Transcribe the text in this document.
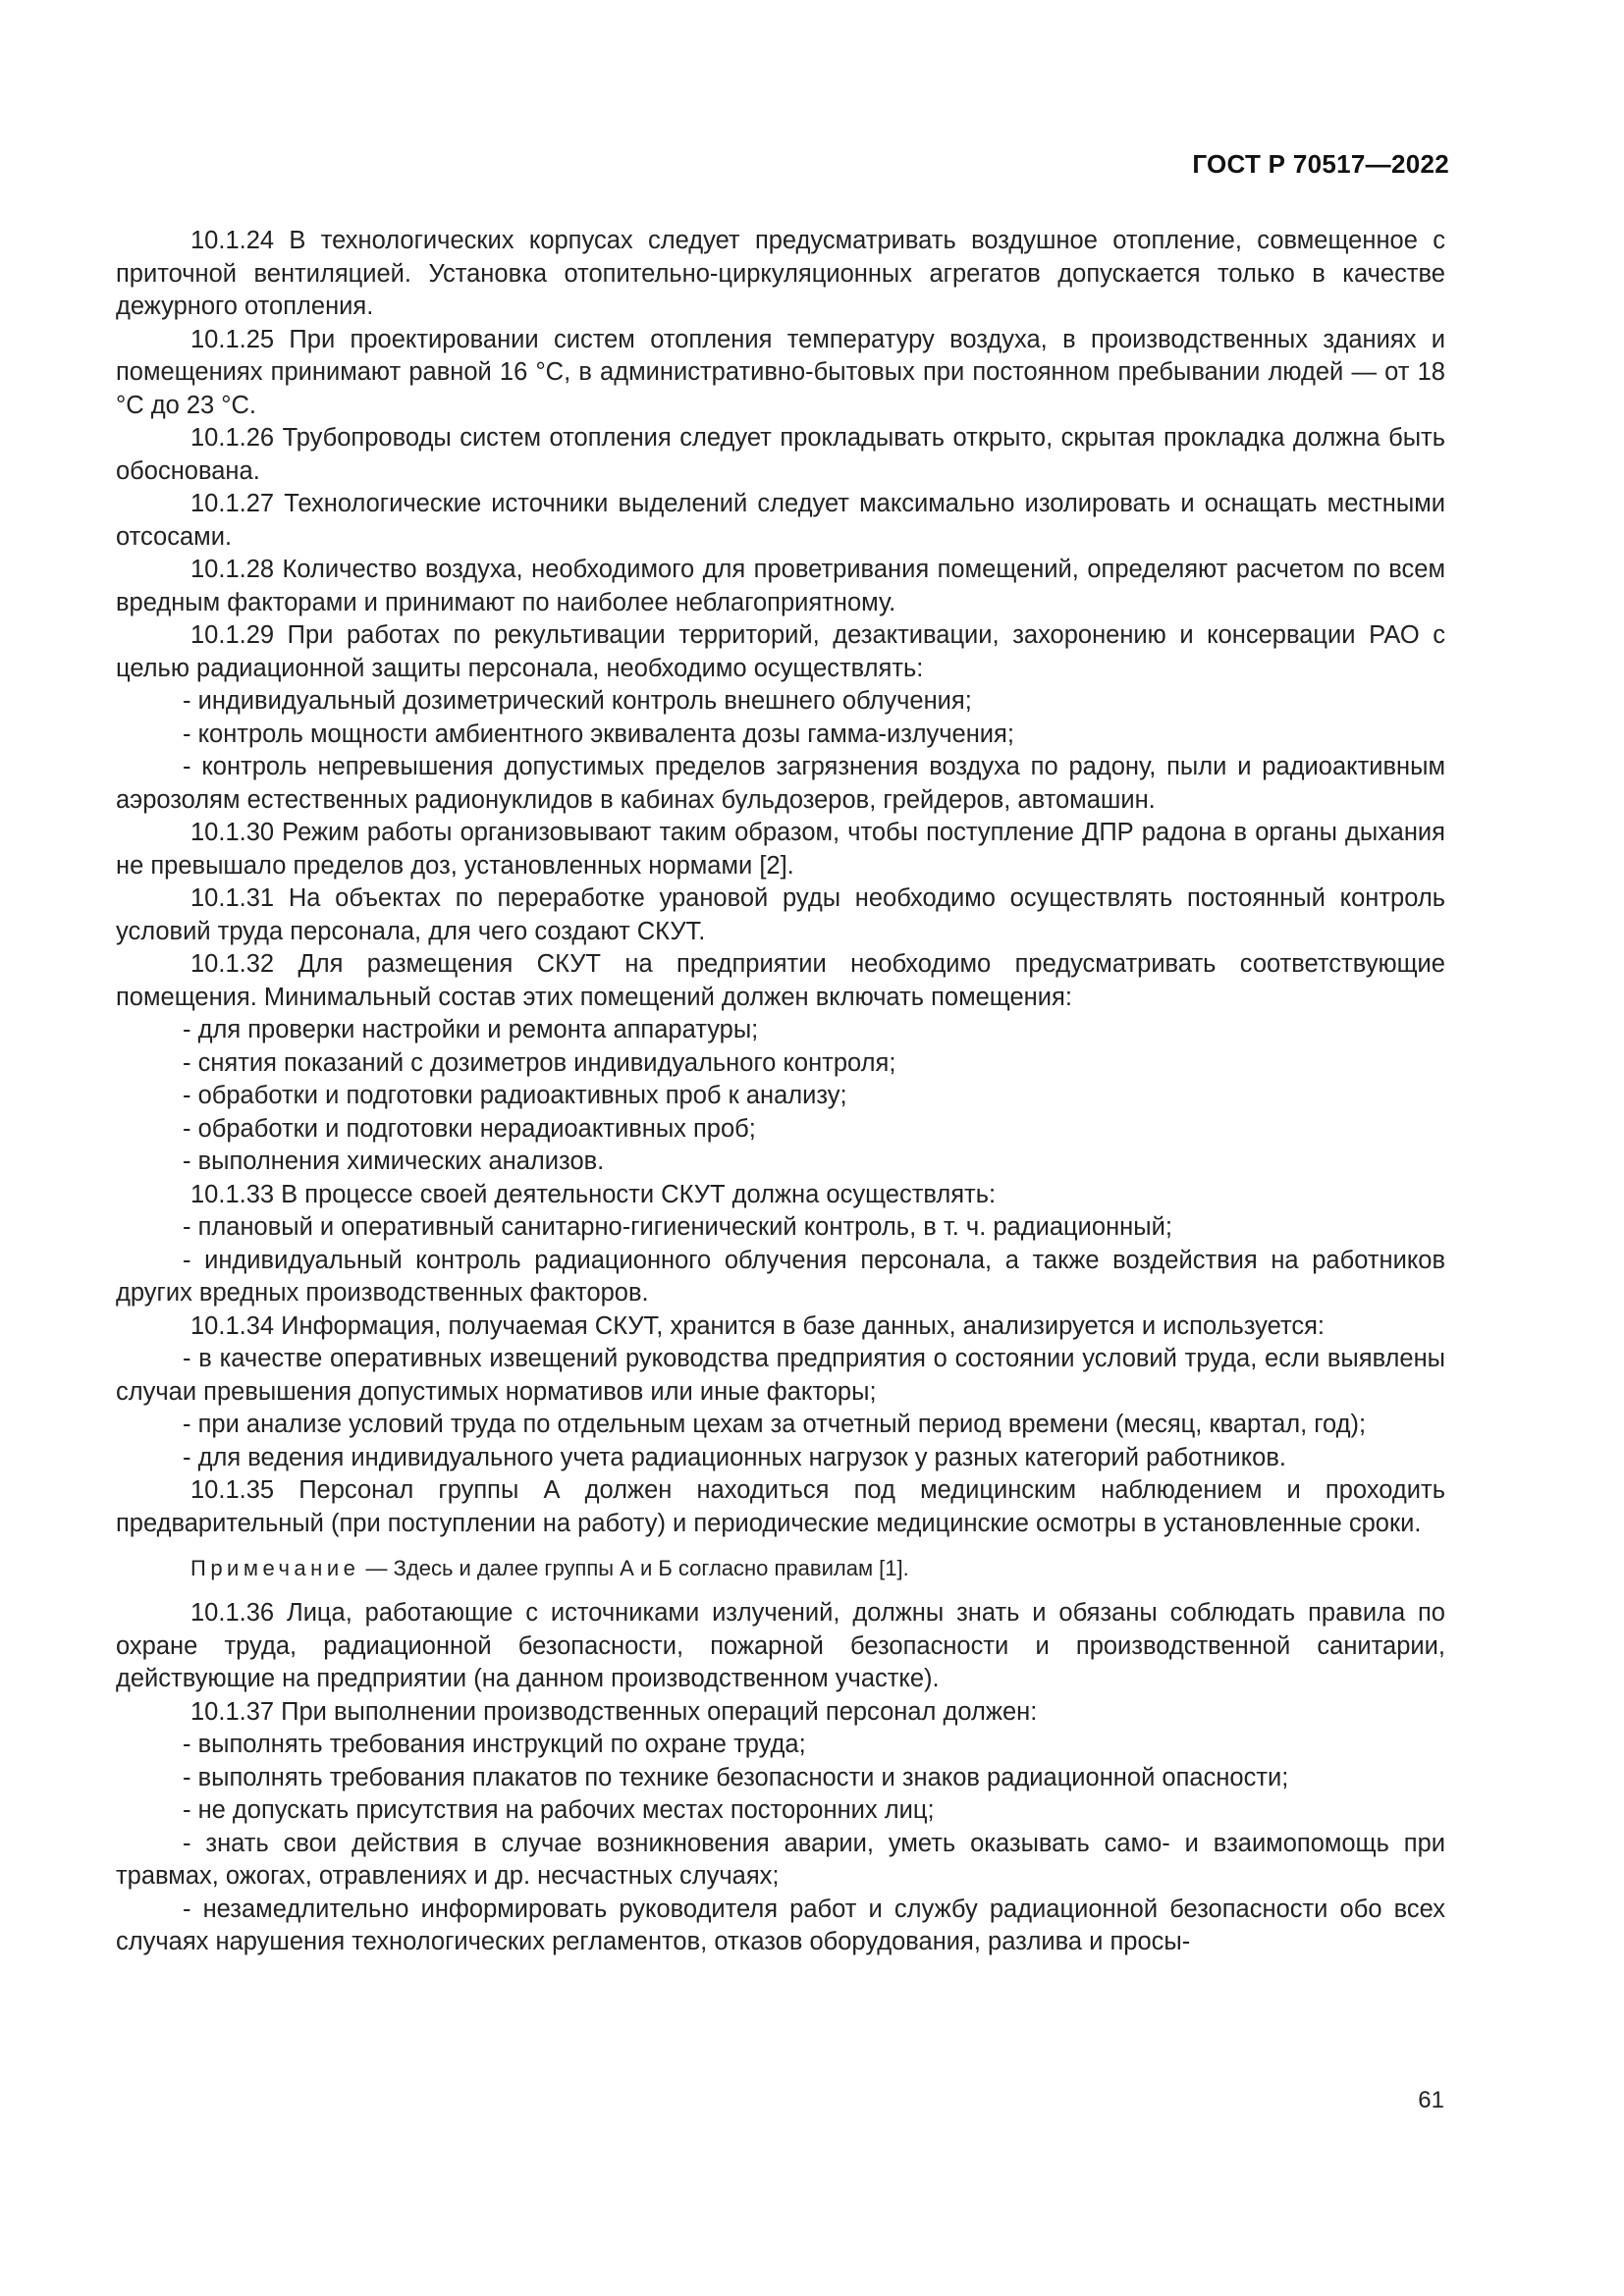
ГОСТ Р 70517—2022

10.1.24 В технологических корпусах следует предусматривать воздушное отопление, совмещенное с приточной вентиляцией. Установка отопительно-циркуляционных агрегатов допускается только в качестве дежурного отопления.

10.1.25 При проектировании систем отопления температуру воздуха, в производственных зданиях и помещениях принимают равной 16 °С, в административно-бытовых при постоянном пребывании людей — от 18 °С до 23 °С.

10.1.26 Трубопроводы систем отопления следует прокладывать открыто, скрытая прокладка должна быть обоснована.

10.1.27 Технологические источники выделений следует максимально изолировать и оснащать местными отсосами.

10.1.28 Количество воздуха, необходимого для проветривания помещений, определяют расчетом по всем вредным факторами и принимают по наиболее неблагоприятному.

10.1.29 При работах по рекультивации территорий, дезактивации, захоронению и консервации РАО с целью радиационной защиты персонала, необходимо осуществлять:

- индивидуальный дозиметрический контроль внешнего облучения;

- контроль мощности амбиентного эквивалента дозы гамма-излучения;

- контроль непревышения допустимых пределов загрязнения воздуха по радону, пыли и радиоактивным аэрозолям естественных радионуклидов в кабинах бульдозеров, грейдеров, автомашин.

10.1.30 Режим работы организовывают таким образом, чтобы поступление ДПР радона в органы дыхания не превышало пределов доз, установленных нормами [2].

10.1.31 На объектах по переработке урановой руды необходимо осуществлять постоянный контроль условий труда персонала, для чего создают СКУТ.

10.1.32 Для размещения СКУТ на предприятии необходимо предусматривать соответствующие помещения. Минимальный состав этих помещений должен включать помещения:

- для проверки настройки и ремонта аппаратуры;

- снятия показаний с дозиметров индивидуального контроля;

- обработки и подготовки радиоактивных проб к анализу;

- обработки и подготовки нерадиоактивных проб;

- выполнения химических анализов.

10.1.33 В процессе своей деятельности СКУТ должна осуществлять:

- плановый и оперативный санитарно-гигиенический контроль, в т. ч. радиационный;

- индивидуальный контроль радиационного облучения персонала, а также воздействия на работников других вредных производственных факторов.

10.1.34 Информация, получаемая СКУТ, хранится в базе данных, анализируется и используется:

- в качестве оперативных извещений руководства предприятия о состоянии условий труда, если выявлены случаи превышения допустимых нормативов или иные факторы;

- при анализе условий труда по отдельным цехам за отчетный период времени (месяц, квартал, год);

- для ведения индивидуального учета радиационных нагрузок у разных категорий работников.

10.1.35 Персонал группы А должен находиться под медицинским наблюдением и проходить предварительный (при поступлении на работу) и периодические медицинские осмотры в установленные сроки.

Примечание — Здесь и далее группы А и Б согласно правилам [1].

10.1.36 Лица, работающие с источниками излучений, должны знать и обязаны соблюдать правила по охране труда, радиационной безопасности, пожарной безопасности и производственной санитарии, действующие на предприятии (на данном производственном участке).

10.1.37 При выполнении производственных операций персонал должен:

- выполнять требования инструкций по охране труда;

- выполнять требования плакатов по технике безопасности и знаков радиационной опасности;

- не допускать присутствия на рабочих местах посторонних лиц;

- знать свои действия в случае возникновения аварии, уметь оказывать само- и взаимопомощь при травмах, ожогах, отравлениях и др. несчастных случаях;

- незамедлительно информировать руководителя работ и службу радиационной безопасности обо всех случаях нарушения технологических регламентов, отказов оборудования, разлива и просы-

61
